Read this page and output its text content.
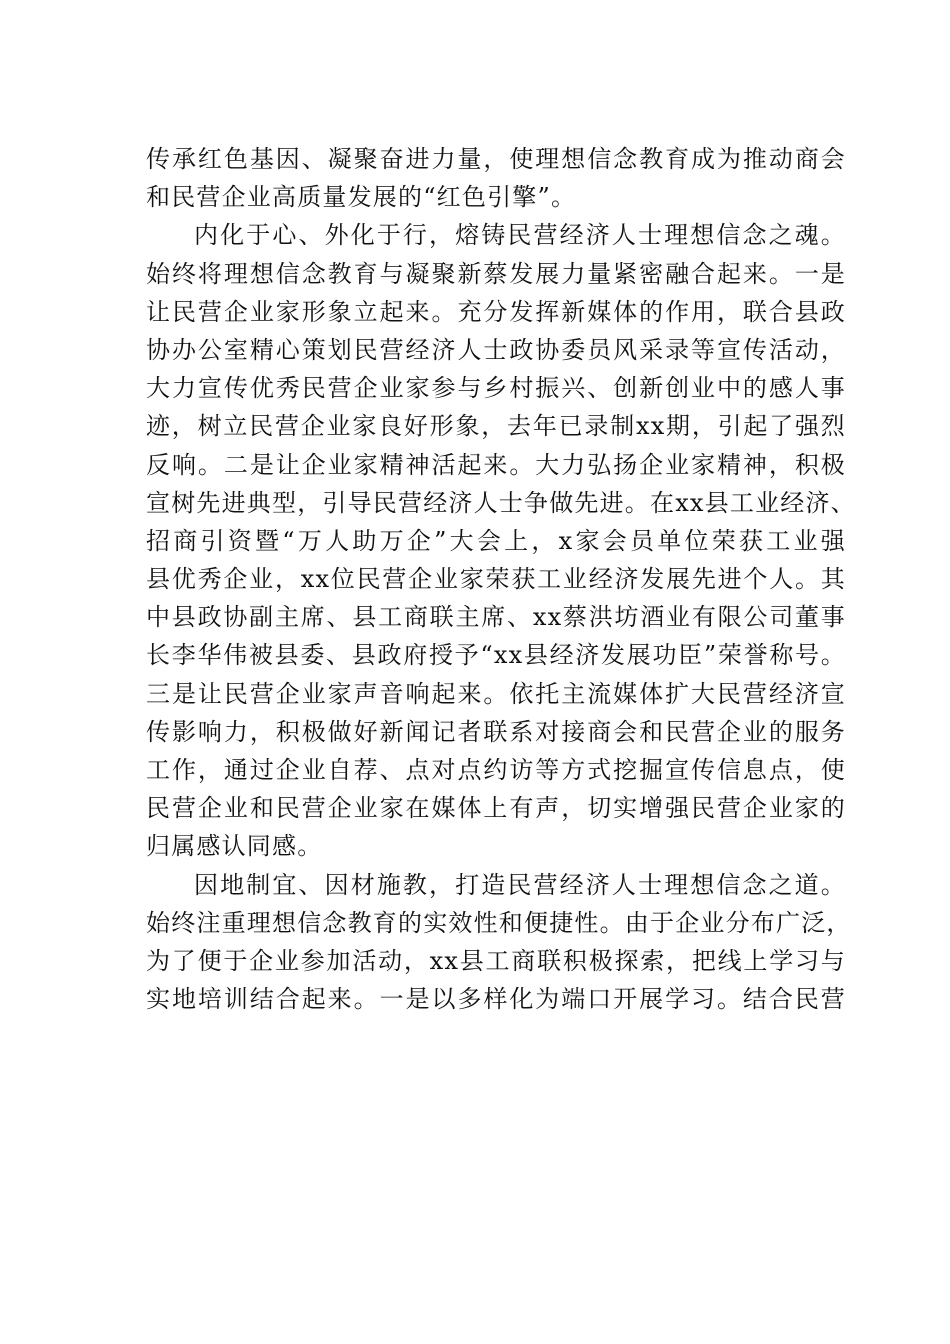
传承红色基因、凝聚奋进力量，使理想信念教育成为推动商会
和民营企业高质量发展的“红色引擎”。
内化于心、外化于行，熔铸民营经济人士理想信念之魂。
始终将理想信念教育与凝聚新蔡发展力量紧密融合起来。一是
让民营企业家形象立起来。充分发挥新媒体的作用，联合县政
协办公室精心策划民营经济人士政协委员风采录等宣传活动，
大力宣传优秀民营企业家参与乡村振兴、创新创业中的感人事
迹，树立民营企业家良好形象，去年已录制xx期，引起了强烈
反响。二是让企业家精神活起来。大力弘扬企业家精神，积极
宣树先进典型，引导民营经济人士争做先进。在xx县工业经济、
招商引资暨“万人助万企”大会上，x家会员单位荣获工业强
县优秀企业，xx位民营企业家荣获工业经济发展先进个人。其
中县政协副主席、县工商联主席、xx蔡洪坊酒业有限公司董事
长李华伟被县委、县政府授予“xx县经济发展功臣”荣誉称号。
三是让民营企业家声音响起来。依托主流媒体扩大民营经济宣
传影响力，积极做好新闻记者联系对接商会和民营企业的服务
工作，通过企业自荐、点对点约访等方式挖掘宣传信息点，使
民营企业和民营企业家在媒体上有声，切实增强民营企业家的
归属感认同感。
因地制宜、因材施教，打造民营经济人士理想信念之道。
始终注重理想信念教育的实效性和便捷性。由于企业分布广泛，
为了便于企业参加活动，xx县工商联积极探索，把线上学习与
实地培训结合起来。一是以多样化为端口开展学习。结合民营
